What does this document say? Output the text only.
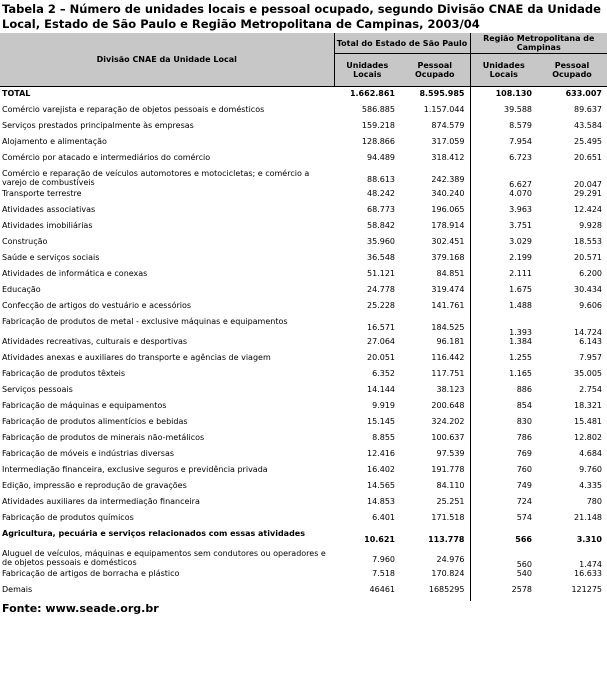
Tabela 2 – Número de unidades locais e pessoal ocupado, segundo Divisão CNAE da Unidade Local, Estado de São Paulo e Região Metropolitana de Campinas, 2003/04
Divisão CNAE da Unidade Local	Total do Estado de São Paulo		Região Metropolitana de Campinas	
	Unidades Locais	Pessoal Ocupado	Unidades Locais	Pessoal Ocupado
TOTAL	1.662.861	8.595.985	108.130	633.007
Comércio varejista e reparação de objetos pessoais e domésticos	586.885	1.157.044	39.588	89.637
Serviços prestados principalmente às empresas	159.218	874.579	8.579	43.584
Alojamento e alimentação	128.866	317.059	7.954	25.495
Comércio por atacado e intermediários do comércio	94.489	318.412	6.723	20.651
Comércio e reparação de veículos automotores e motocicletas; e comércio a varejo de combustíveis	88.613	242.389	6.627	20.047
Transporte terrestre	48.242	340.240	4.070	29.291
Atividades associativas	68.773	196.065	3.963	12.424
Atividades imobiliárias	58.842	178.914	3.751	9.928
Construção	35.960	302.451	3.029	18.553
Saúde e serviços sociais	36.548	379.168	2.199	20.571
Atividades de informática e conexas	51.121	84.851	2.111	6.200
Educação	24.778	319.474	1.675	30.434
Confecção de artigos do vestuário e acessórios	25.228	141.761	1.488	9.606
Fabricação de produtos de metal - exclusive máquinas e equipamentos	16.571	184.525	1.393	14.724
Atividades recreativas, culturais e desportivas	27.064	96.181	1.384	6.143
Atividades anexas e auxiliares do transporte e agências de viagem	20.051	116.442	1.255	7.957
Fabricação de produtos têxteis	6.352	117.751	1.165	35.005
Serviços pessoais	14.144	38.123	886	2.754
Fabricação de máquinas e equipamentos	9.919	200.648	854	18.321
Fabricação de produtos alimentícios e bebidas	15.145	324.202	830	15.481
Fabricação de produtos de minerais não-metálicos	8.855	100.637	786	12.802
Fabricação de móveis e indústrias diversas	12.416	97.539	769	4.684
Intermediação financeira, exclusive seguros e previdência privada	16.402	191.778	760	9.760
Edição, impressão e reprodução de gravações	14.565	84.110	749	4.335
Atividades auxiliares da intermediação financeira	14.853	25.251	724	780
Fabricação de produtos químicos	6.401	171.518	574	21.148
Agricultura, pecuária e serviços relacionados com essas atividades	10.621	113.778	566	3.310
Aluguel de veículos, máquinas e equipamentos sem condutores ou operadores e de objetos pessoais e domésticos	7.960	24.976	560	1.474
Fabricação de artigos de borracha e plástico	7.518	170.824	540	16.633
Demais	46461	1685295	2578	121275
Fonte: www.seade.org.br
